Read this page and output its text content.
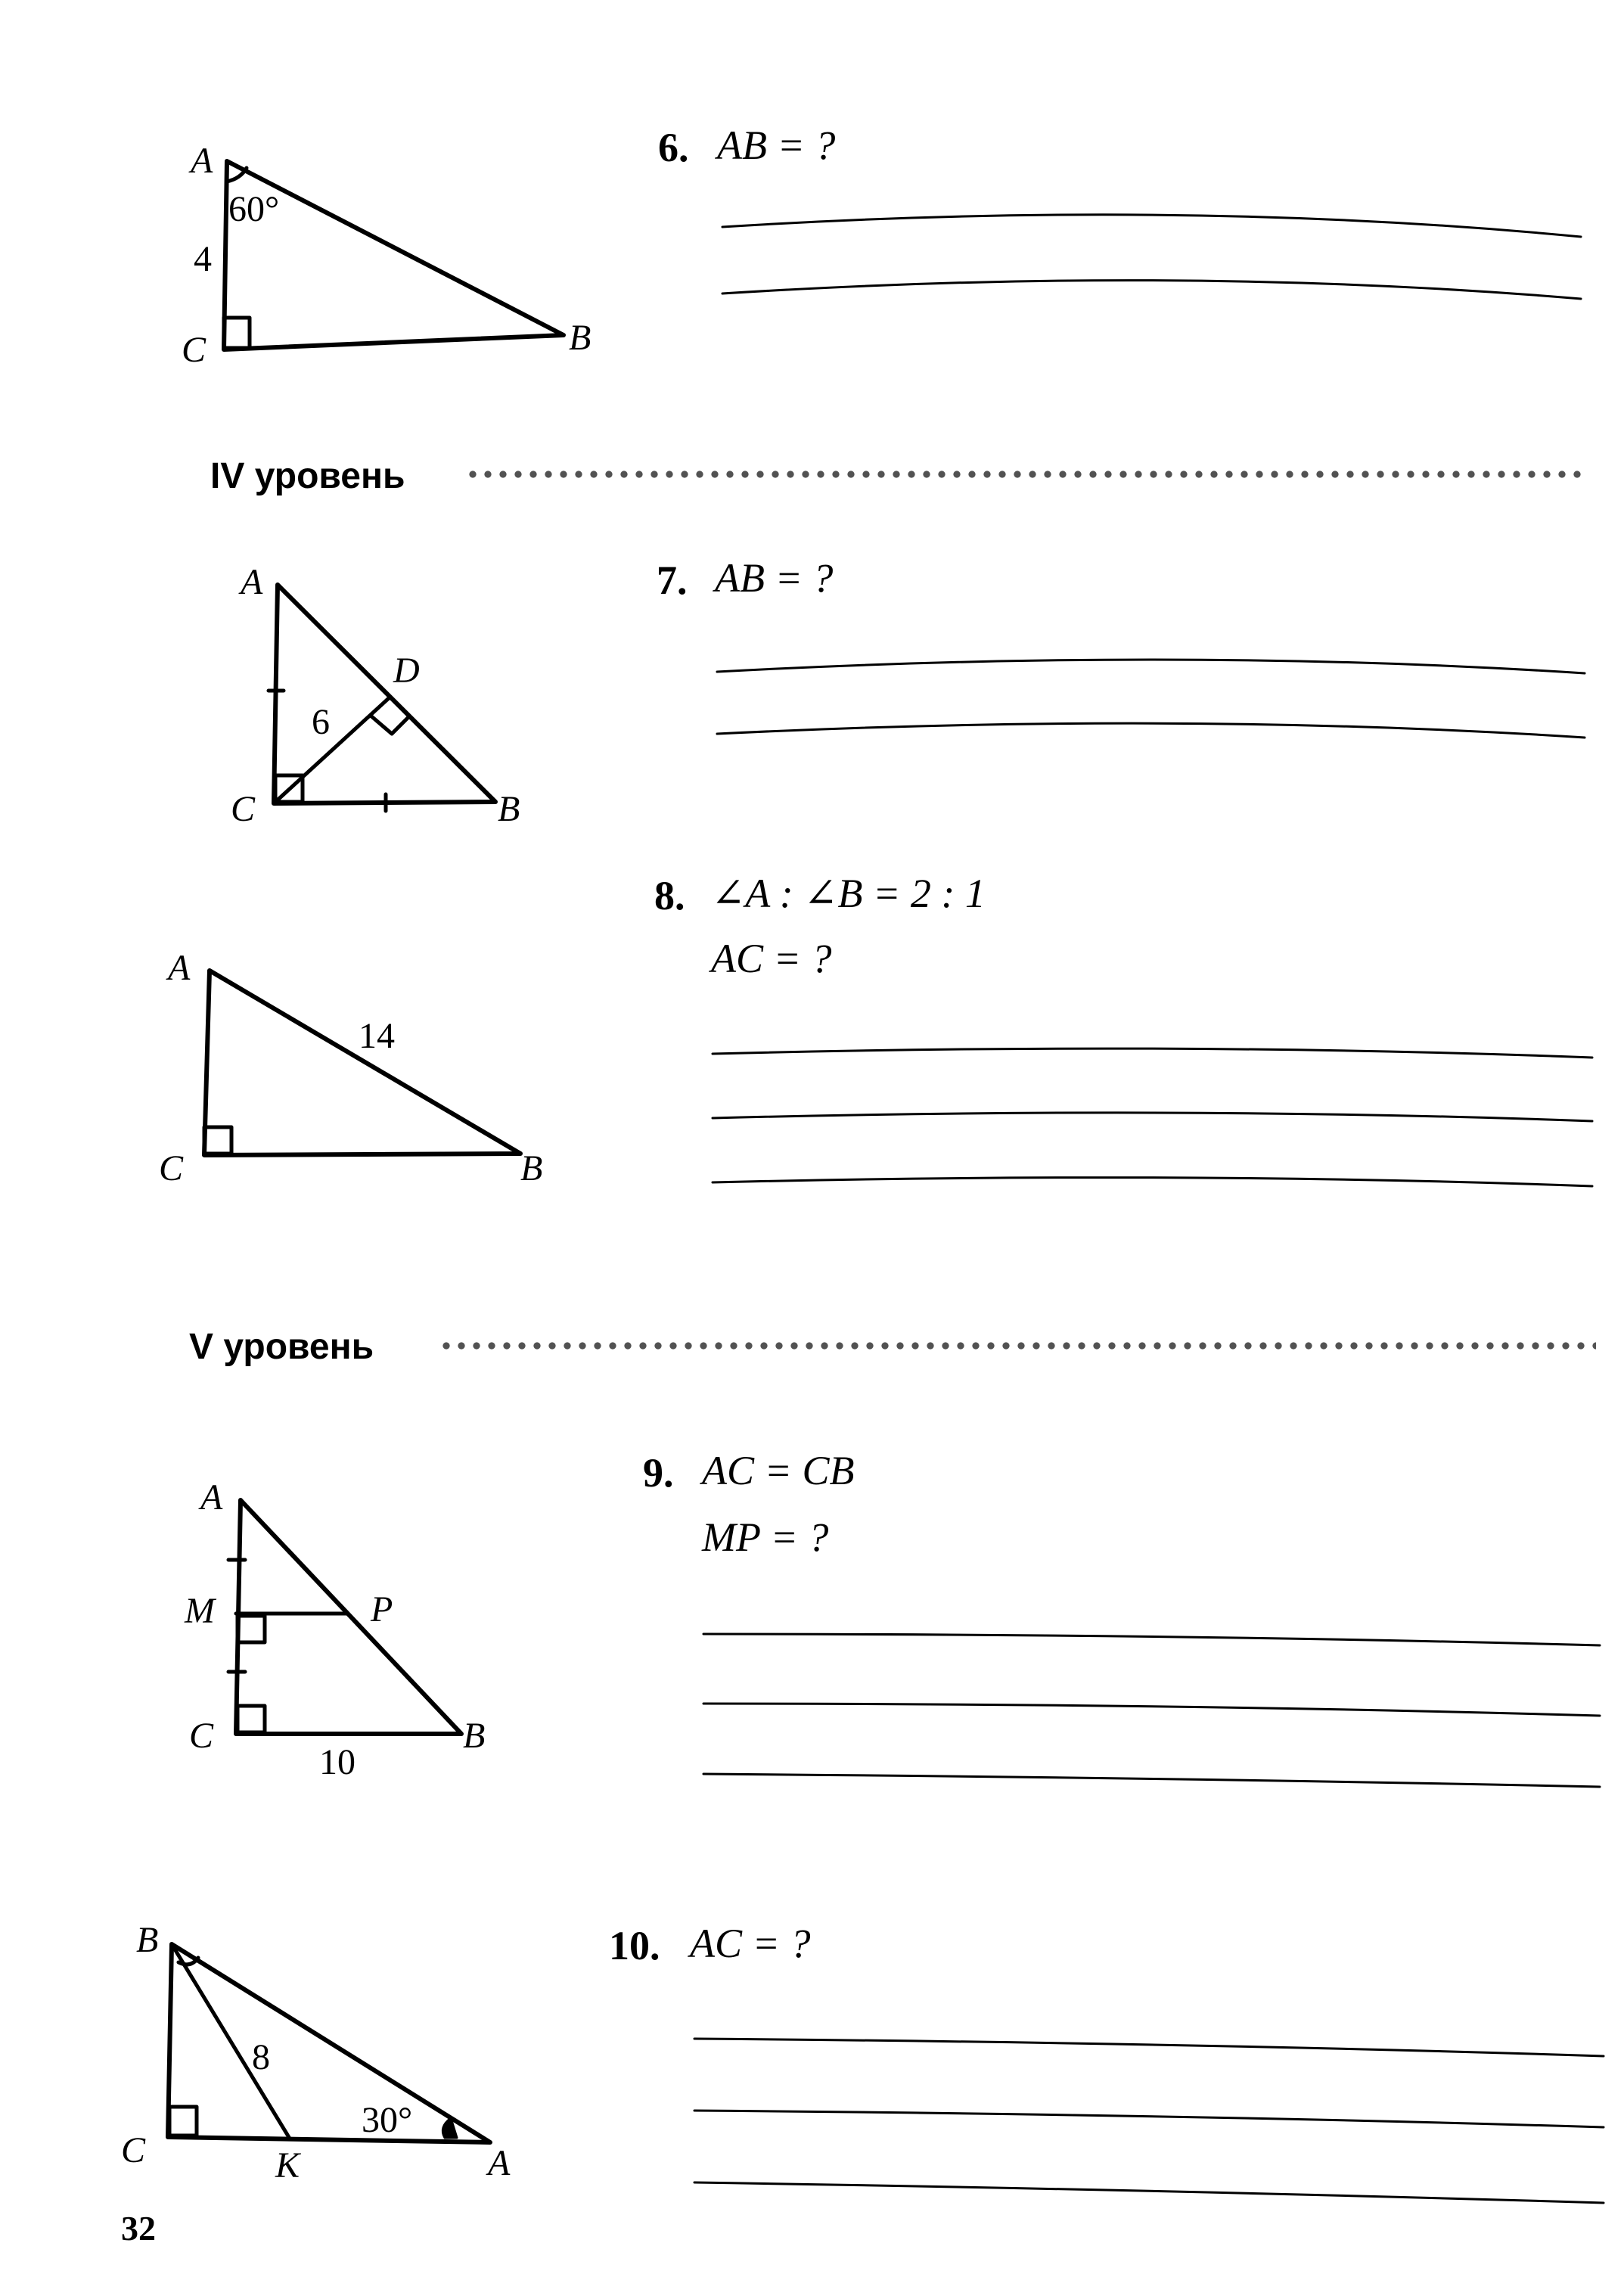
A
C	B
4
60°
A
D
C	B
6
A
C	B
14
A
M	P
C	B
10
B
C	K	A
8
30°
6. AB = ?
IV уровень
7. AB = ?
8. ∠A : ∠B = 2 : 1
AC = ?
V уровень
9. AC = CB
MP = ?
10. AC = ?
32
